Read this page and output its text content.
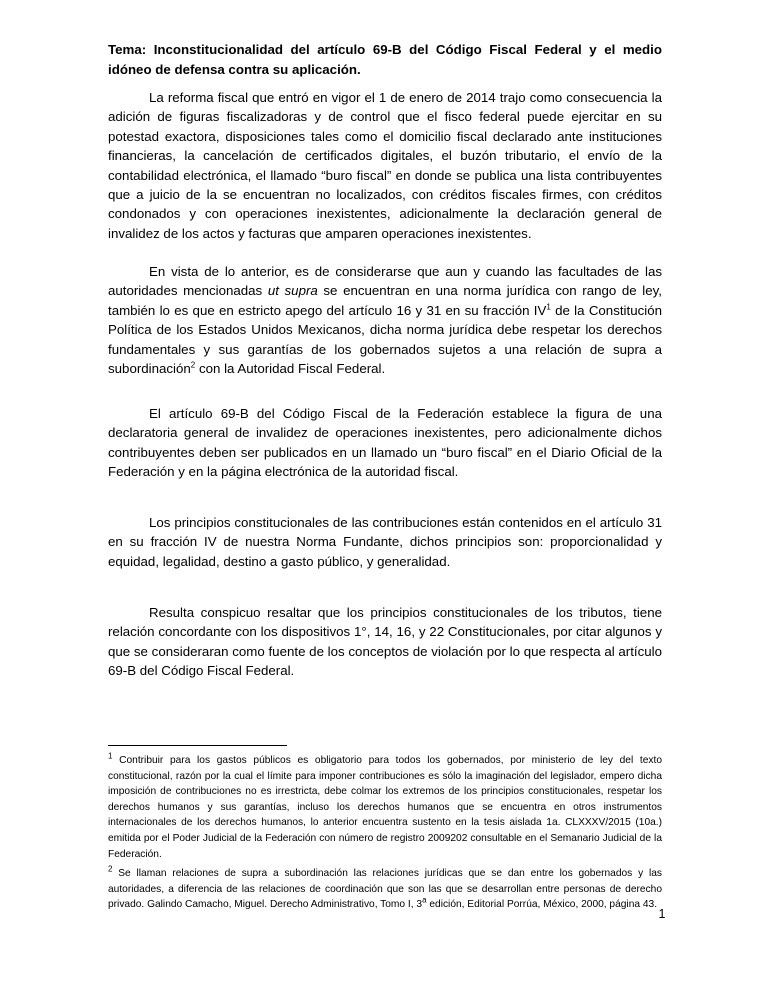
Tema: Inconstitucionalidad del artículo 69-B del Código Fiscal Federal y el medio idóneo de defensa contra su aplicación.

La reforma fiscal que entró en vigor el 1 de enero de 2014 trajo como consecuencia la adición de figuras fiscalizadoras y de control que el fisco federal puede ejercitar en su potestad exactora, disposiciones tales como el domicilio fiscal declarado ante instituciones financieras, la cancelación de certificados digitales, el buzón tributario, el envío de la contabilidad electrónica, el llamado “buro fiscal” en donde se publica una lista contribuyentes que a juicio de la se encuentran no localizados, con créditos fiscales firmes, con créditos condonados y con operaciones inexistentes, adicionalmente la declaración general de invalidez de los actos y facturas que amparen operaciones inexistentes.

En vista de lo anterior, es de considerarse que aun y cuando las facultades de las autoridades mencionadas ut supra se encuentran en una norma jurídica con rango de ley, también lo es que en estricto apego del artículo 16 y 31 en su fracción $IV^1$ de la Constitución Política de los Estados Unidos Mexicanos, dicha norma jurídica debe respetar los derechos fundamentales y sus garantías de los gobernados sujetos a una relación de supra a subordinación$^2$ con la Autoridad Fiscal Federal.

El artículo 69-B del Código Fiscal de la Federación establece la figura de una declaratoria general de invalidez de operaciones inexistentes, pero adicionalmente dichos contribuyentes deben ser publicados en un llamado un “buro fiscal” en el Diario Oficial de la Federación y en la página electrónica de la autoridad fiscal.

Los principios constitucionales de las contribuciones están contenidos en el artículo 31 en su fracción IV de nuestra Norma Fundante, dichos principios son: proporcionalidad y equidad, legalidad, destino a gasto público, y generalidad.

Resulta conspicuo resaltar que los principios constitucionales de los tributos, tiene relación concordante con los dispositivos 1°, 14, 16, y 22 Constitucionales, por citar algunos y que se consideraran como fuente de los conceptos de violación por lo que respecta al artículo 69-B del Código Fiscal Federal.

$^1$ Contribuir para los gastos públicos es obligatorio para todos los gobernados, por ministerio de ley del texto constitucional, razón por la cual el límite para imponer contribuciones es sólo la imaginación del legislador, empero dicha imposición de contribuciones no es irrestricta, debe colmar los extremos de los principios constitucionales, respetar los derechos humanos y sus garantías, incluso los derechos humanos que se encuentra en otros instrumentos internacionales de los derechos humanos, lo anterior encuentra sustento en la tesis aislada 1a. CLXXXV/2015 (10a.) emitida por el Poder Judicial de la Federación con número de registro 2009202 consultable en el Semanario Judicial de la Federación.

$^2$ Se llaman relaciones de supra a subordinación las relaciones jurídicas que se dan entre los gobernados y las autoridades, a diferencia de las relaciones de coordinación que son las que se desarrollan entre personas de derecho privado. Galindo Camacho, Miguel. Derecho Administrativo, Tomo I, 3$^a$ edición, Editorial Porrúa, México, 2000, página 43.

1
